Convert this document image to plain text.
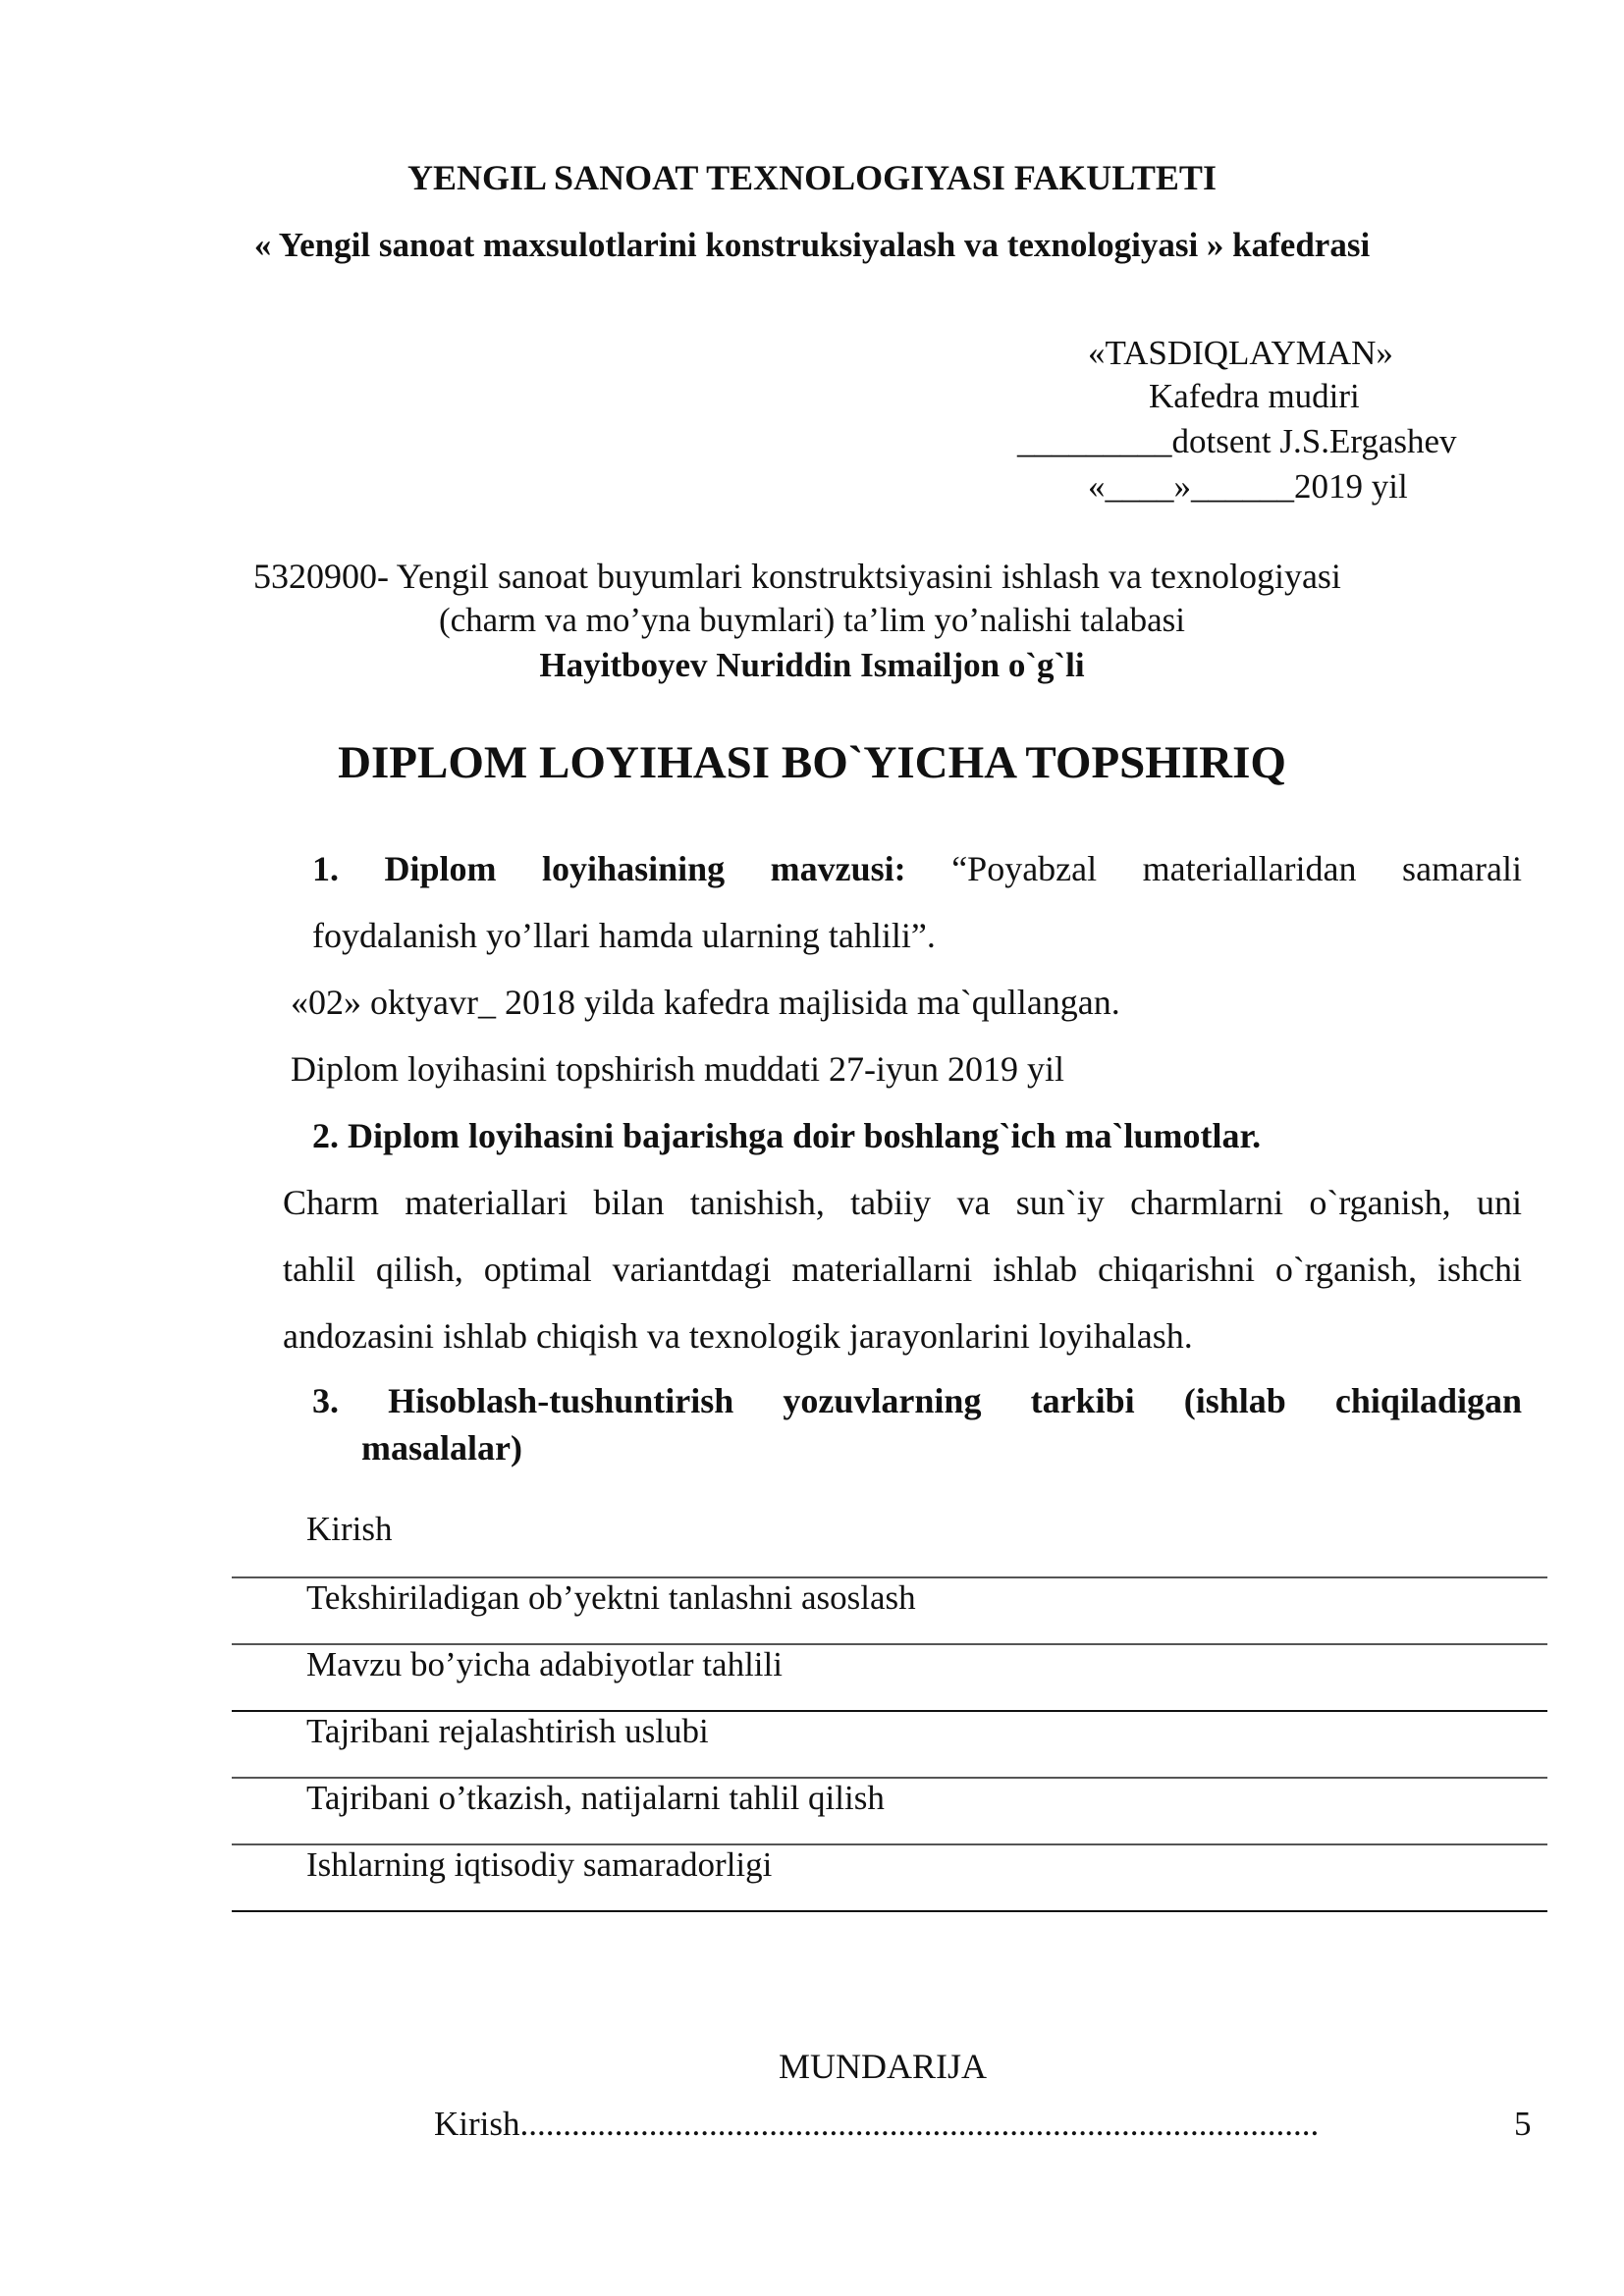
YENGIL SANOAT TEXNOLOGIYASI FAKULTETI
« Yengil sanoat maxsulotlarini konstruksiyalash va texnologiyasi » kafedrasi
«TASDIQLAYMAN»
Kafedra mudiri
_________dotsent J.S.Ergashev
«____»______2019 yil
5320900- Yengil sanoat buyumlari konstruktsiyasini ishlash va texnologiyasi
(charm va mo’yna buymlari) ta’lim yo’nalishi talabasi
Hayitboyev Nuriddin Ismailjon o`g`li
DIPLOM LOYIHASI BO`YICHA TOPSHIRIQ
1. Diplom loyihasining mavzusi: “Poyabzal materiallaridan samarali
foydalanish yo’llari hamda ularning tahlili”.
«02» oktyavr_ 2018 yilda kafedra majlisida ma`qullangan.
Diplom loyihasini topshirish muddati 27-iyun 2019 yil
2. Diplom loyihasini bajarishga doir boshlang`ich ma`lumotlar.
Charm materiallari bilan tanishish, tabiiy va sun`iy charmlarni o`rganish, uni
tahlil qilish, optimal variantdagi materiallarni ishlab chiqarishni o`rganish, ishchi
andozasini ishlab chiqish va texnologik jarayonlarini loyihalash.
3. Hisoblash-tushuntirish yozuvlarning tarkibi (ishlab chiqiladigan
masalalar)
Kirish
Tekshiriladigan ob’yektni tanlashni asoslash
Mavzu bo’yicha adabiyotlar tahlili
Tajribani rejalashtirish uslubi
Tajribani o’tkazish, natijalarni tahlil qilish
Ishlarning iqtisodiy samaradorligi
MUNDARIJA
Kirish.............................................................................................	5
